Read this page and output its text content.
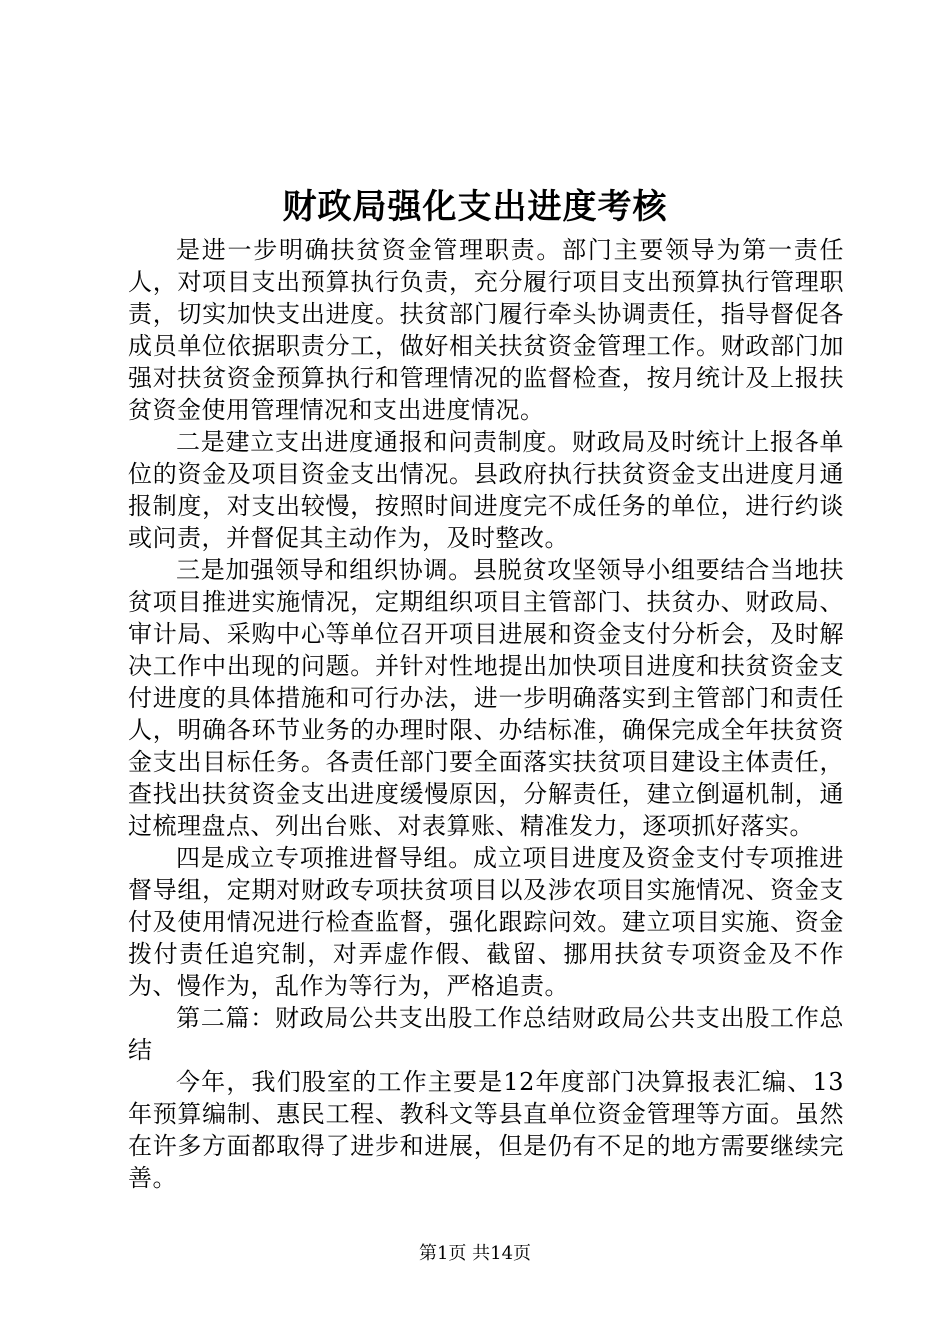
财政局强化支出进度考核

是进一步明确扶贫资金管理职责。部门主要领导为第一责任人，对项目支出预算执行负责，充分履行项目支出预算执行管理职责，切实加快支出进度。扶贫部门履行牵头协调责任，指导督促各成员单位依据职责分工，做好相关扶贫资金管理工作。财政部门加强对扶贫资金预算执行和管理情况的监督检查，按月统计及上报扶贫资金使用管理情况和支出进度情况。

二是建立支出进度通报和问责制度。财政局及时统计上报各单位的资金及项目资金支出情况。县政府执行扶贫资金支出进度月通报制度，对支出较慢，按照时间进度完不成任务的单位，进行约谈或问责，并督促其主动作为，及时整改。

三是加强领导和组织协调。县脱贫攻坚领导小组要结合当地扶贫项目推进实施情况，定期组织项目主管部门、扶贫办、财政局、审计局、采购中心等单位召开项目进展和资金支付分析会，及时解决工作中出现的问题。并针对性地提出加快项目进度和扶贫资金支付进度的具体措施和可行办法，进一步明确落实到主管部门和责任人，明确各环节业务的办理时限、办结标准，确保完成全年扶贫资金支出目标任务。各责任部门要全面落实扶贫项目建设主体责任，查找出扶贫资金支出进度缓慢原因，分解责任，建立倒逼机制，通过梳理盘点、列出台账、对表算账、精准发力，逐项抓好落实。

四是成立专项推进督导组。成立项目进度及资金支付专项推进督导组，定期对财政专项扶贫项目以及涉农项目实施情况、资金支付及使用情况进行检查监督，强化跟踪问效。建立项目实施、资金拨付责任追究制，对弄虚作假、截留、挪用扶贫专项资金及不作为、慢作为，乱作为等行为，严格追责。

第二篇：财政局公共支出股工作总结财政局公共支出股工作总结

今年，我们股室的工作主要是12年度部门决算报表汇编、13年预算编制、惠民工程、教科文等县直单位资金管理等方面。虽然在许多方面都取得了进步和进展，但是仍有不足的地方需要继续完善。

第1页 共14页
